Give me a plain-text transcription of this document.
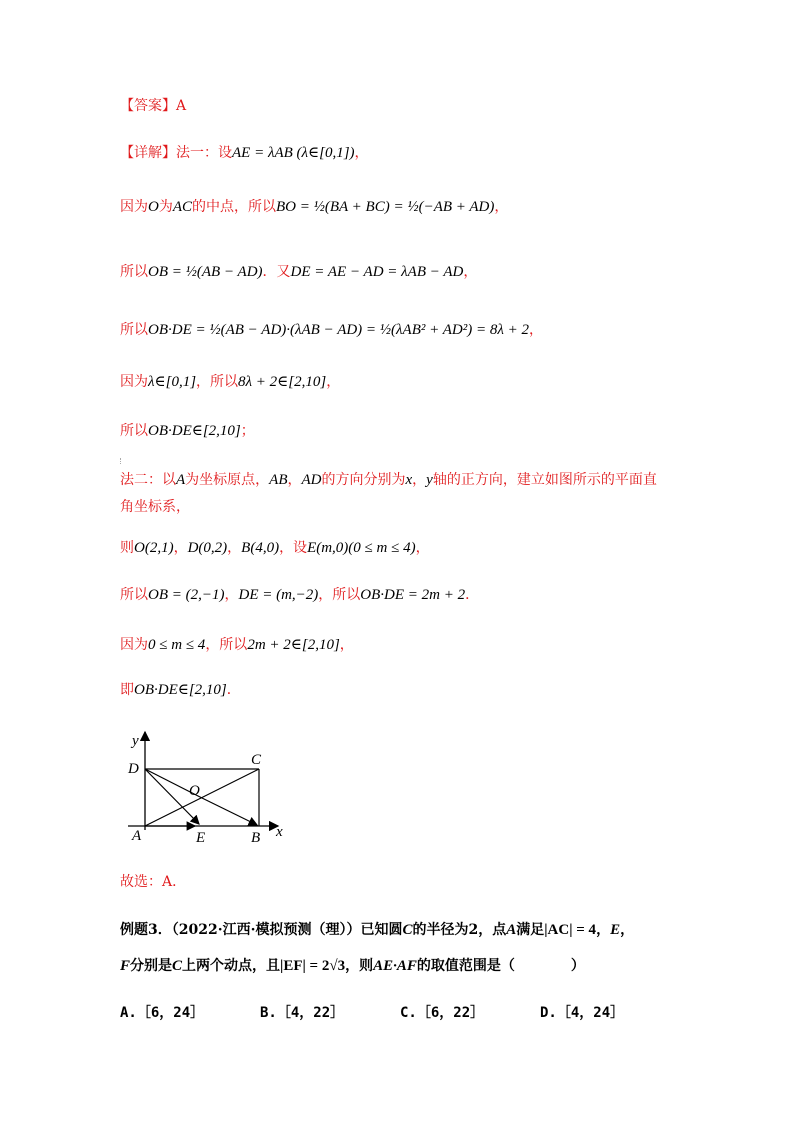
【答案】A
【详解】法一：设AE = λAB (λ∈[0,1])，
因为O为AC的中点，所以BO = ½(BA + BC) = ½(−AB + AD)，
所以OB = ½(AB − AD)．又DE = AE − AD = λAB − AD，
所以OB·DE = ½(AB − AD)·(λAB − AD) = ½(λAB² + AD²) = 8λ + 2，
因为λ∈[0,1]，所以8λ + 2∈[2,10]，
所以OB·DE∈[2,10]；
法二：以A为坐标原点，AB，AD的方向分别为x，y轴的正方向，建立如图所示的平面直
角坐标系，
则O(2,1)，D(0,2)，B(4,0)，设E(m,0)(0 ≤ m ≤ 4)，
所以OB = (2,−1)，DE = (m,−2)，所以OB·DE = 2m + 2．
因为0 ≤ m ≤ 4，所以2m + 2∈[2,10]，
即OB·DE∈[2,10]．
y
D
C
O
A	E	B x
故选：A．
例题3．（2022·江西·模拟预测（理））已知圆C的半径为2，点A满足|AC| = 4，E，
F分别是C上两个动点，且|EF| = 2√3，则AE·AF的取值范围是（　　　　）
A.［6，24］	B.［4，22］	C.［6，22］	D.［4，24］
